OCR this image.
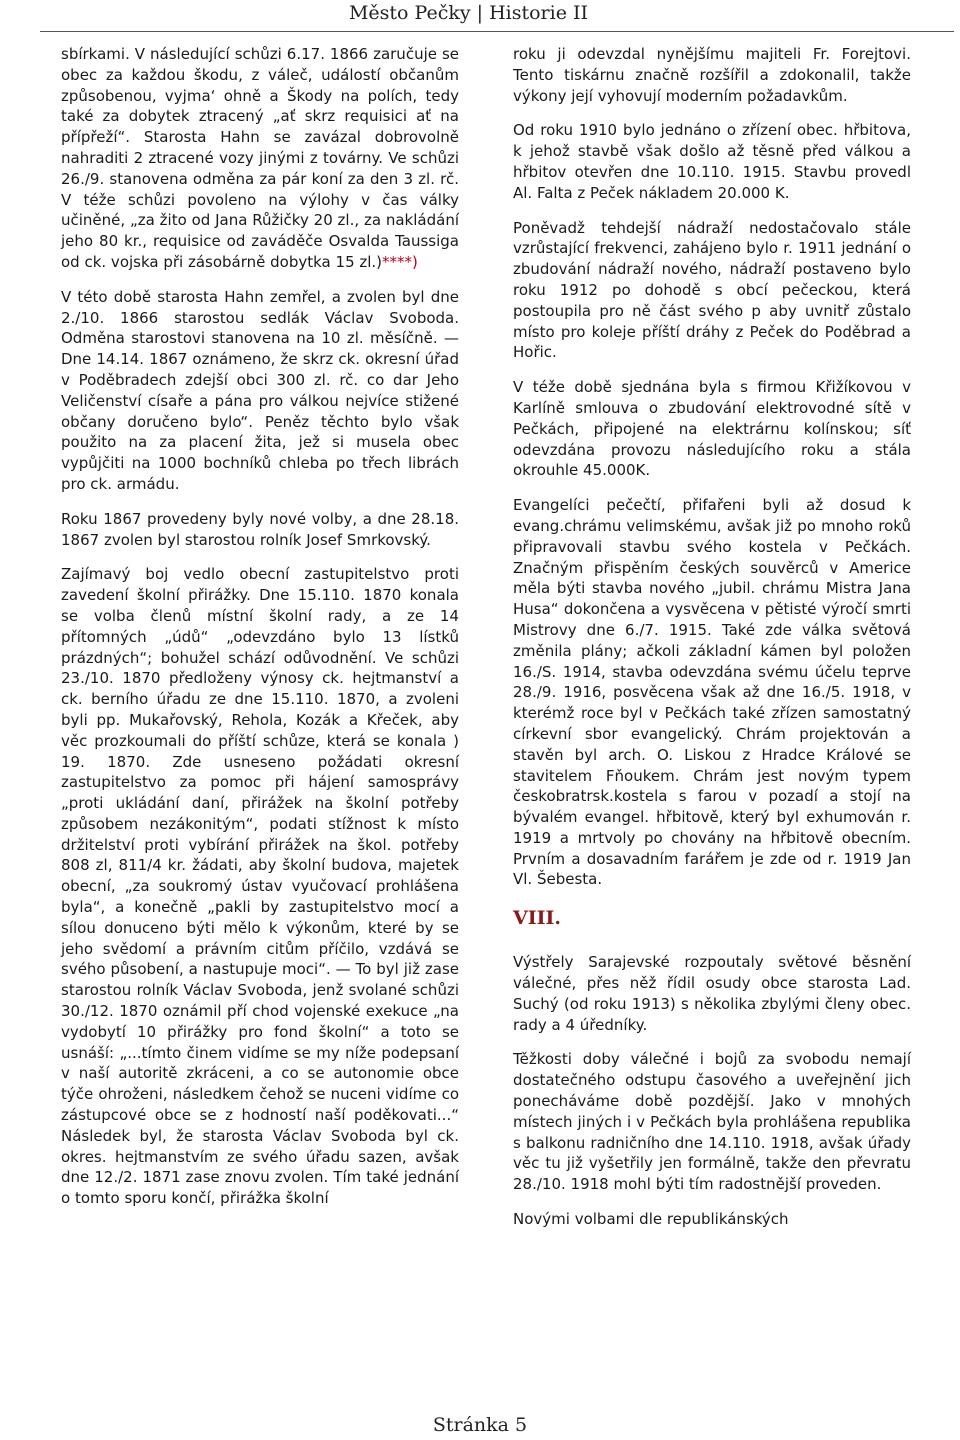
Město Pečky | Historie II

sbírkami. V následující schůzi 6.17. 1866 zaručuje se obec za každou škodu, z váleč, událostí občanům způsobenou, vyjma‘ ohně a Škody na polích, tedy také za dobytek ztracený „ať skrz requisici ať na přípřeží“. Starosta Hahn se zavázal dobrovolně nahraditi 2 ztracené vozy jinými z továrny. Ve schůzi 26./9. stanovena odměna za pár koní za den 3 zl. rč. V téže schůzi povoleno na výlohy v čas války učiněné, „za žito od Jana Růžičky 20 zl., za nakládání jeho 80 kr., requisice od zaváděče Osvalda Taussiga od ck. vojska při zásobárně dobytka 15 zl.)****)

V této době starosta Hahn zemřel, a zvolen byl dne 2./10. 1866 starostou sedlák Václav Svoboda. Odměna starostovi stanovena na 10 zl. měsíčně. — Dne 14.14. 1867 oznámeno, že skrz ck. okresní úřad v Poděbradech zdejší obci 300 zl. rč. co dar Jeho Veličenství císaře a pána pro válkou nejvíce stižené občany doručeno bylo“. Peněz těchto bylo však použito na za placení žita, jež si musela obec vypůjčiti na 1000 bochníků chleba po třech librách pro ck. armádu.

Roku 1867 provedeny byly nové volby, a dne 28.18. 1867 zvolen byl starostou rolník Josef Smrkovský.

Zajímavý boj vedlo obecní zastupitelstvo proti zavedení školní přirážky. Dne 15.110. 1870 konala se volba členů místní školní rady, a ze 14 přítomných „údů“ „odevzdáno bylo 13 lístků prázdných“; bohužel schází odůvodnění. Ve schůzi 23./10. 1870 předloženy výnosy ck. hejtmanství a ck. berního úřadu ze dne 15.110. 1870, a zvoleni byli pp. Mukařovský, Rehola, Kozák a Křeček, aby věc prozkoumali do příští schůze, která se konala ) 19. 1870. Zde usneseno požádati okresní zastupitelstvo za pomoc při hájení samosprávy „proti ukládání daní, přirážek na školní potřeby způsobem nezákonitým“, podati stížnost k místo držitelství proti vybírání přirážek na škol. potřeby 808 zl, 811/4 kr. žádati, aby školní budova, majetek obecní, „za soukromý ústav vyučovací prohlášena byla“, a konečně „pakli by zastupitelstvo mocí a sílou donuceno býti mělo k výkonům, které by se jeho svědomí a právním citům příčilo, vzdává se svého působení, a nastupuje moci“. — To byl již zase starostou rolník Václav Svoboda, jenž svolané schůzi 30./12. 1870 oznámil pří chod vojenské exekuce „na vydobytí 10 přirážky pro fond školní“ a toto se usnáší: „...tímto činem vidíme se my níže podepsaní v naší autoritě zkráceni, a co se autonomie obce týče ohroženi, následkem čehož se nuceni vidíme co zástupcové obce se z hodností naší poděkovati...“ Následek byl, že starosta Václav Svoboda byl ck. okres. hejtmanstvím ze svého úřadu sazen, avšak dne 12./2. 1871 zase znovu zvolen. Tím také jednání o tomto sporu končí, přirážka školní

roku ji odevzdal nynějšímu majiteli Fr. Forejtovi. Tento tiskárnu značně rozšířil a zdokonalil, takže výkony její vyhovují moderním požadavkům.

Od roku 1910 bylo jednáno o zřízení obec. hřbitova, k jehož stavbě však došlo až těsně před válkou a hřbitov otevřen dne 10.110. 1915. Stavbu provedl Al. Falta z Peček nákladem 20.000 K.

Poněvadž tehdejší nádraží nedostačovalo stále vzrůstající frekvenci, zahájeno bylo r. 1911 jednání o zbudování nádraží nového, nádraží postaveno bylo roku 1912 po dohodě s obcí pečeckou, která postoupila pro ně část svého p aby uvnitř zůstalo místo pro koleje příští dráhy z Peček do Poděbrad a Hořic.

V téže době sjednána byla s firmou Křižíkovou v Karlíně smlouva o zbudování elektrovodné sítě v Pečkách, připojené na elektrárnu kolínskou; síť odevzdána provozu následujícího roku a stála okrouhle 45.000K.

Evangelíci pečečtí, přifařeni byli až dosud k evang.chrámu velimskému, avšak již po mnoho roků připravovali stavbu svého kostela v Pečkách. Značným přispěním českých souvěrců v Americe měla býti stavba nového „jubil. chrámu Mistra Jana Husa“ dokončena a vysvěcena v pětisté výročí smrti Mistrovy dne 6./7. 1915. Také zde válka světová změnila plány; ačkoli základní kámen byl položen 16./S. 1914, stavba odevzdána svému účelu teprve 28./9. 1916, posvěcena však až dne 16./5. 1918, v kterémž roce byl v Pečkách také zřízen samostatný církevní sbor evangelický. Chrám projektován a stavěn byl arch. O. Liskou z Hradce Králové se stavitelem Fňoukem. Chrám jest novým typem českobratrsk.kostela s farou v pozadí a stojí na bývalém evangel. hřbitově, který byl exhumován r. 1919 a mrtvoly po chovány na hřbitově obecním. Prvním a dosavadním farářem je zde od r. 1919 Jan Vl. Šebesta.

VIII.

Výstřely Sarajevské rozpoutaly světové běsnění válečné, přes něž řídil osudy obce starosta Lad. Suchý (od roku 1913) s několika zbylými členy obec. rady a 4 úředníky.

Těžkosti doby válečné i bojů za svobodu nemají dostatečného odstupu časového a uveřejnění jich ponecháváme době pozdější. Jako v mnohých místech jiných i v Pečkách byla prohlášena republika s balkonu radničního dne 14.110. 1918, avšak úřady věc tu již vyšetřily jen formálně, takže den převratu 28./10. 1918 mohl býti tím radostnější proveden.

Novými volbami dle republikánských

Stránka 5
